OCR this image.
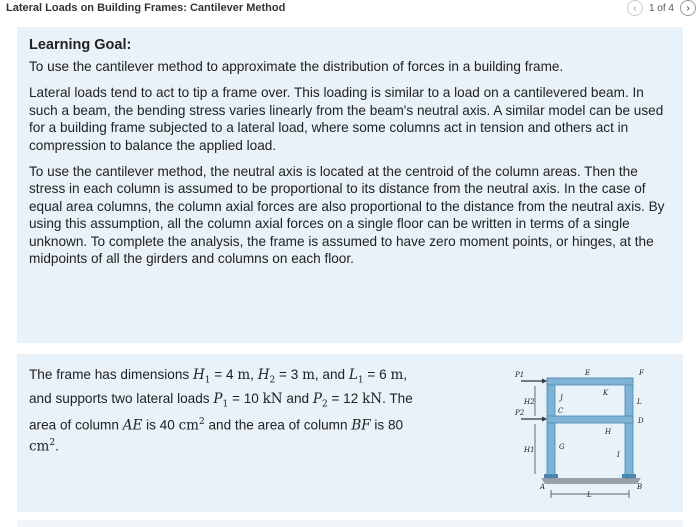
Lateral Loads on Building Frames: Cantilever Method	‹ 1 of 4 ›
Learning Goal:

To use the cantilever method to approximate the distribution of forces in a building frame.

Lateral loads tend to act to tip a frame over. This loading is similar to a load on a cantilevered beam. In such a beam, the bending stress varies linearly from the beam's neutral axis. A similar model can be used for a building frame subjected to a lateral load, where some columns act in tension and others act in compression to balance the applied load.

To use the cantilever method, the neutral axis is located at the centroid of the column areas. Then the stress in each column is assumed to be proportional to its distance from the neutral axis. In the case of equal area columns, the column axial forces are also proportional to the distance from the neutral axis. By using this assumption, all the column axial forces on a single floor can be written in terms of a single unknown. To complete the analysis, the frame is assumed to have zero moment points, or hinges, at the midpoints of all the girders and columns on each floor.

The frame has dimensions $H_1 = 4$ m, $H_2 = 3$ m, and $L_1 = 6$ m,
and supports two lateral loads $P_1 = 10$ kN and $P_2 = 12$ kN. The
area of column AE is 40 $cm^2$ and the area of column BF is 80
$cm^2$.
P1
P2
E	F
K
J	L
C
H
D
G
I
A	B
H2
H1
L
